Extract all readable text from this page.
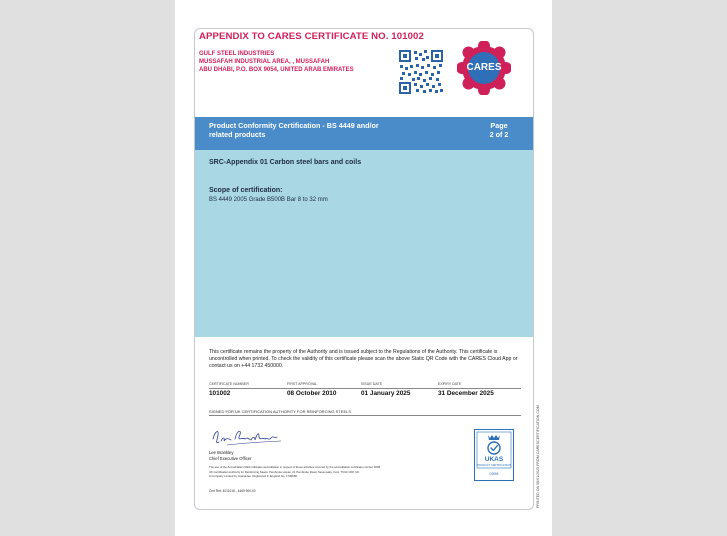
APPENDIX TO CARES CERTIFICATE NO. 101002
GULF STEEL INDUSTRIES
MUSSAFAH INDUSTRIAL AREA, , MUSSAFAH
ABU DHABI, P.O. BOX 9054, UNITED ARAB EMIRATES	CARES
Product Conformity Certification - BS 4449 and/or
related products
Page
2 of 2
SRC-Appendix 01 Carbon steel bars and coils
Scope of certification:
BS 4449 2005 Grade B500B Bar 8 to 32 mm
This certificate remains the property of the Authority and is issued subject to the Regulations of the Authority. This certificate is uncontrolled when printed. To check the validity of this certificate please scan the above Static QR Code with the CARES Cloud App or contact us on +44 1732 450000.
CERTIFICATE NUMBER	FIRST APPROVAL	ISSUE DATE	EXPIRY DATE
101002	08 October 2010	01 January 2025	31 December 2025
SIGNED FOR UK CERTIFICATION AUTHORITY FOR REINFORCING STEELS
Lee Brankley
Chief Executive Officer
The use of the Accreditation Mark indicates accreditation in respect of those activities covered by the accreditation certificate number 0008.
UK Certification Authority for Reinforcing Steels, Pembroke House, 21 Pembroke Road, Sevenoaks, Kent, TN13 1XR, UK.
A Company Limited by Guarantee. Registered in England No. 1706658.
Cert Ref: 4011018 - 4469 900-00
UKAS
PRODUCT CERTIFICATION
0008	PRINTED ON 08/01/2025 FROM CARESCERTIFICATION.COM
